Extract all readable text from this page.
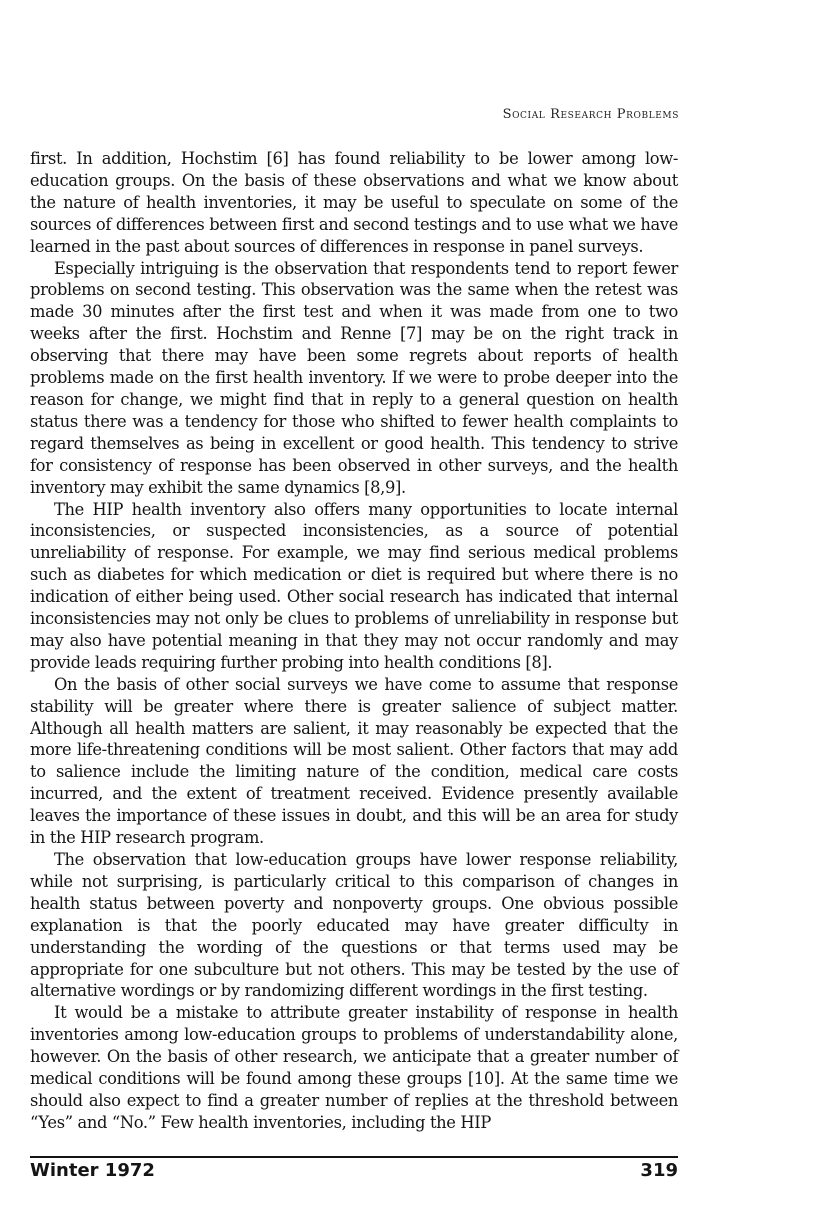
Social Research Problems

first. In addition, Hochstim [6] has found reliability to be lower among low-education groups. On the basis of these observations and what we know about the nature of health inventories, it may be useful to speculate on some of the sources of differences between first and second testings and to use what we have learned in the past about sources of differences in response in panel surveys.

Especially intriguing is the observation that respondents tend to report fewer problems on second testing. This observation was the same when the retest was made 30 minutes after the first test and when it was made from one to two weeks after the first. Hochstim and Renne [7] may be on the right track in observing that there may have been some regrets about reports of health problems made on the first health inventory. If we were to probe deeper into the reason for change, we might find that in reply to a general question on health status there was a tendency for those who shifted to fewer health complaints to regard themselves as being in excellent or good health. This tendency to strive for consistency of response has been observed in other surveys, and the health inventory may exhibit the same dynamics [8,9].

The HIP health inventory also offers many opportunities to locate internal inconsistencies, or suspected inconsistencies, as a source of potential unreliability of response. For example, we may find serious medical problems such as diabetes for which medication or diet is required but where there is no indication of either being used. Other social research has indicated that internal inconsistencies may not only be clues to problems of unreliability in response but may also have potential meaning in that they may not occur randomly and may provide leads requiring further probing into health conditions [8].

On the basis of other social surveys we have come to assume that response stability will be greater where there is greater salience of subject matter. Although all health matters are salient, it may reasonably be expected that the more life-threatening conditions will be most salient. Other factors that may add to salience include the limiting nature of the condition, medical care costs incurred, and the extent of treatment received. Evidence presently available leaves the importance of these issues in doubt, and this will be an area for study in the HIP research program.

The observation that low-education groups have lower response reliability, while not surprising, is particularly critical to this comparison of changes in health status between poverty and nonpoverty groups. One obvious possible explanation is that the poorly educated may have greater difficulty in understanding the wording of the questions or that terms used may be appropriate for one subculture but not others. This may be tested by the use of alternative wordings or by randomizing different wordings in the first testing.

It would be a mistake to attribute greater instability of response in health inventories among low-education groups to problems of understandability alone, however. On the basis of other research, we anticipate that a greater number of medical conditions will be found among these groups [10]. At the same time we should also expect to find a greater number of replies at the threshold between “Yes” and “No.” Few health inventories, including the HIP

Winter 1972	319
